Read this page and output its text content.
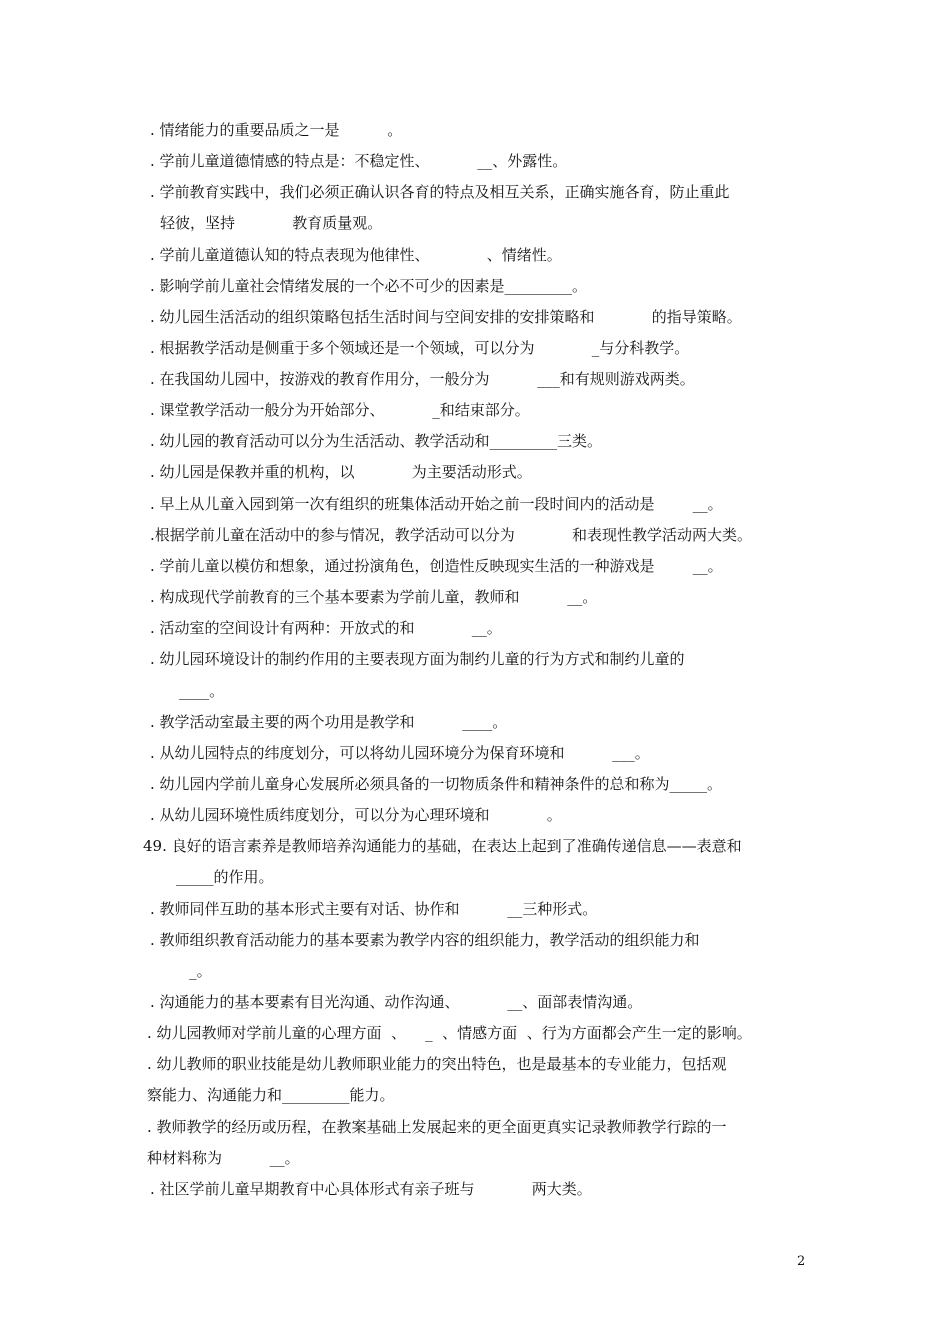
. 情绪能力的重要品质之一是          。
. 学前儿童道德情感的特点是：不稳定性、          __、外露性。
. 学前教育实践中，我们必须正确认识各育的特点及相互关系，正确实施各育，防止重此
轻彼，坚持            教育质量观。
. 学前儿童道德认知的特点表现为他律性、            、情绪性。
. 影响学前儿童社会情绪发展的一个必不可少的因素是_________。
. 幼儿园生活活动的组织策略包括生活时间与空间安排的安排策略和            的指导策略。
. 根据教学活动是侧重于多个领域还是一个领域，可以分为            _与分科教学。
. 在我国幼儿园中，按游戏的教育作用分，一般分为          ___和有规则游戏两类。
. 课堂教学活动一般分为开始部分、          _和结束部分。
. 幼儿园的教育活动可以分为生活活动、教学活动和_________三类。
. 幼儿园是保教并重的机构，以            为主要活动形式。
. 早上从儿童入园到第一次有组织的班集体活动开始之前一段时间内的活动是        __。
.根据学前儿童在活动中的参与情况，教学活动可以分为            和表现性教学活动两大类。
. 学前儿童以模仿和想象，通过扮演角色，创造性反映现实生活的一种游戏是        __。
. 构成现代学前教育的三个基本要素为学前儿童，教师和          __。
. 活动室的空间设计有两种：开放式的和            __。
. 幼儿园环境设计的制约作用的主要表现方面为制约儿童的行为方式和制约儿童的
____。
. 教学活动室最主要的两个功用是教学和          ____。
. 从幼儿园特点的纬度划分，可以将幼儿园环境分为保育环境和          ___。
. 幼儿园内学前儿童身心发展所必须具备的一切物质条件和精神条件的总和称为_____。
. 从幼儿园环境性质纬度划分，可以分为心理环境和            。
49. 良好的语言素养是教师培养沟通能力的基础，在表达上起到了准确传递信息——表意和
_____的作用。
. 教师同伴互助的基本形式主要有对话、协作和          __三种形式。
. 教师组织教育活动能力的基本要素为教学内容的组织能力，教学活动的组织能力和
_。
. 沟通能力的基本要素有目光沟通、动作沟通、          __、面部表情沟通。
. 幼儿园教师对学前儿童的心理方面  、    _  、情感方面  、行为方面都会产生一定的影响。
. 幼儿教师的职业技能是幼儿教师职业能力的突出特色，也是最基本的专业能力，包括观
察能力、沟通能力和_________能力。
. 教师教学的经历或历程，在教案基础上发展起来的更全面更真实记录教师教学行踪的一
种材料称为          __。
. 社区学前儿童早期教育中心具体形式有亲子班与            两大类。
2
